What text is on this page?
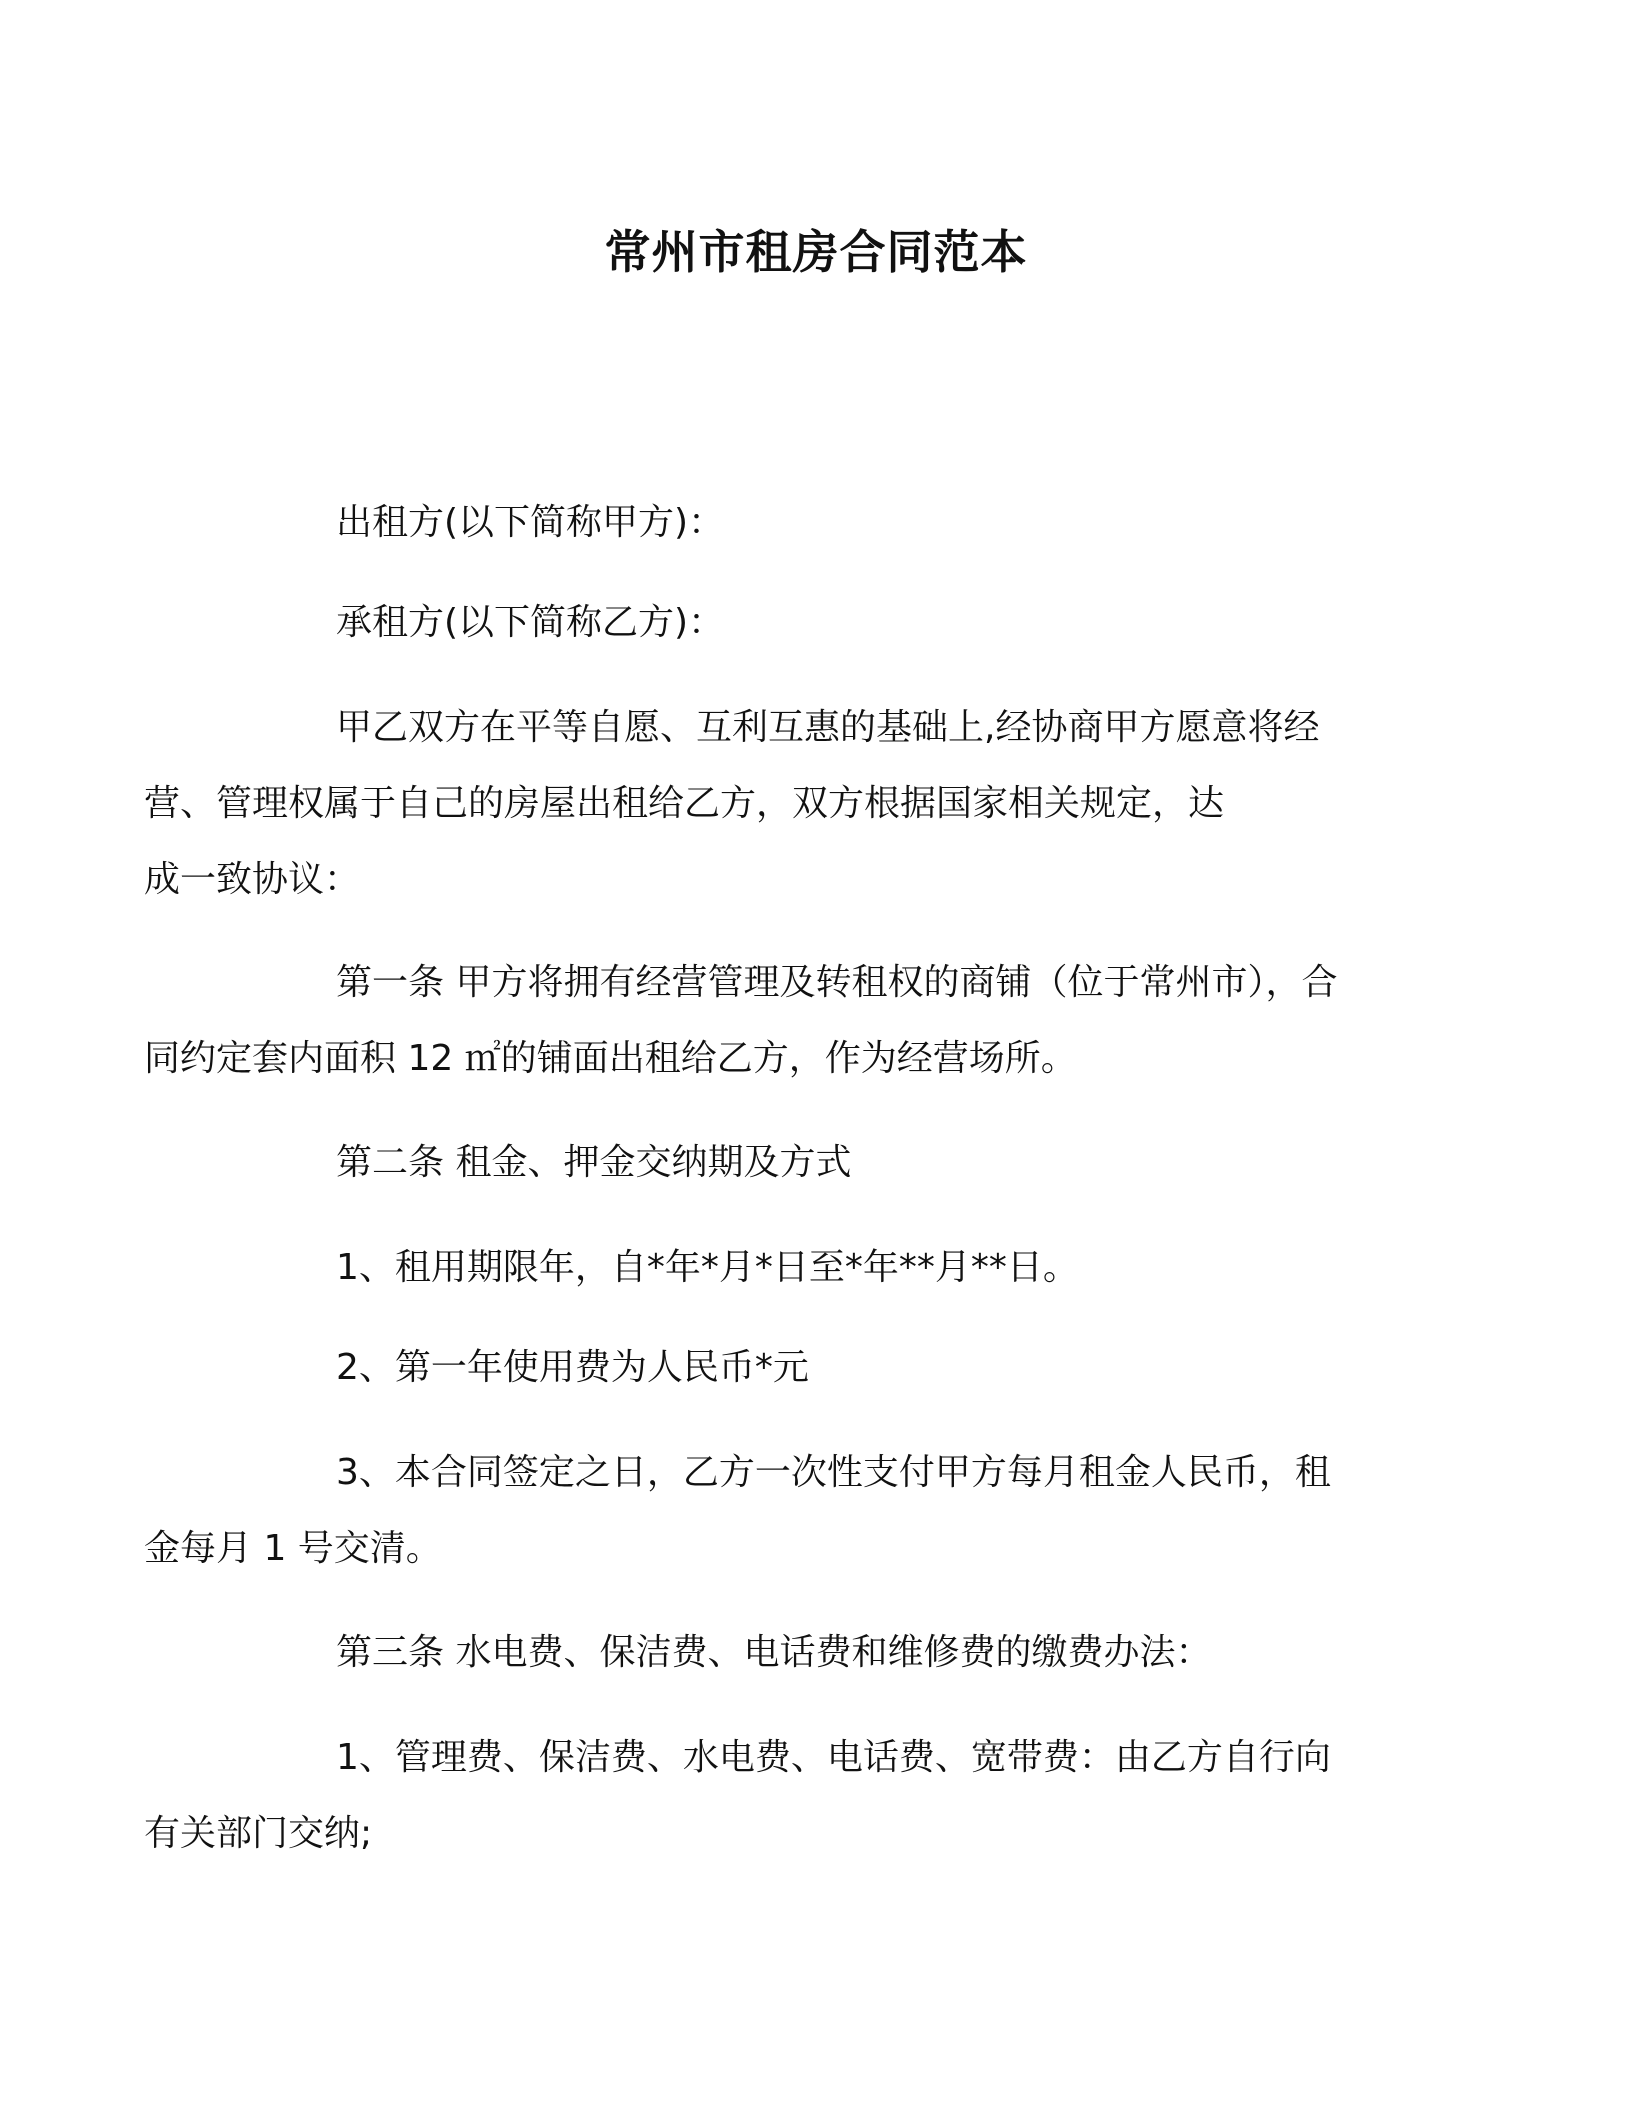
常州市租房合同范本
出租方(以下简称甲方)：
承租方(以下简称乙方)：
甲乙双方在平等自愿、互利互惠的基础上,经协商甲方愿意将经
营、管理权属于自己的房屋出租给乙方，双方根据国家相关规定，达
成一致协议：
第一条 甲方将拥有经营管理及转租权的商铺（位于常州市），合
同约定套内面积 12 ㎡的铺面出租给乙方，作为经营场所。
第二条 租金、押金交纳期及方式
1、租用期限年，自*年*月*日至*年**月**日。
2、第一年使用费为人民币*元
3、本合同签定之日，乙方一次性支付甲方每月租金人民币，租
金每月 1 号交清。
第三条 水电费、保洁费、电话费和维修费的缴费办法：
1、管理费、保洁费、水电费、电话费、宽带费：由乙方自行向
有关部门交纳;
